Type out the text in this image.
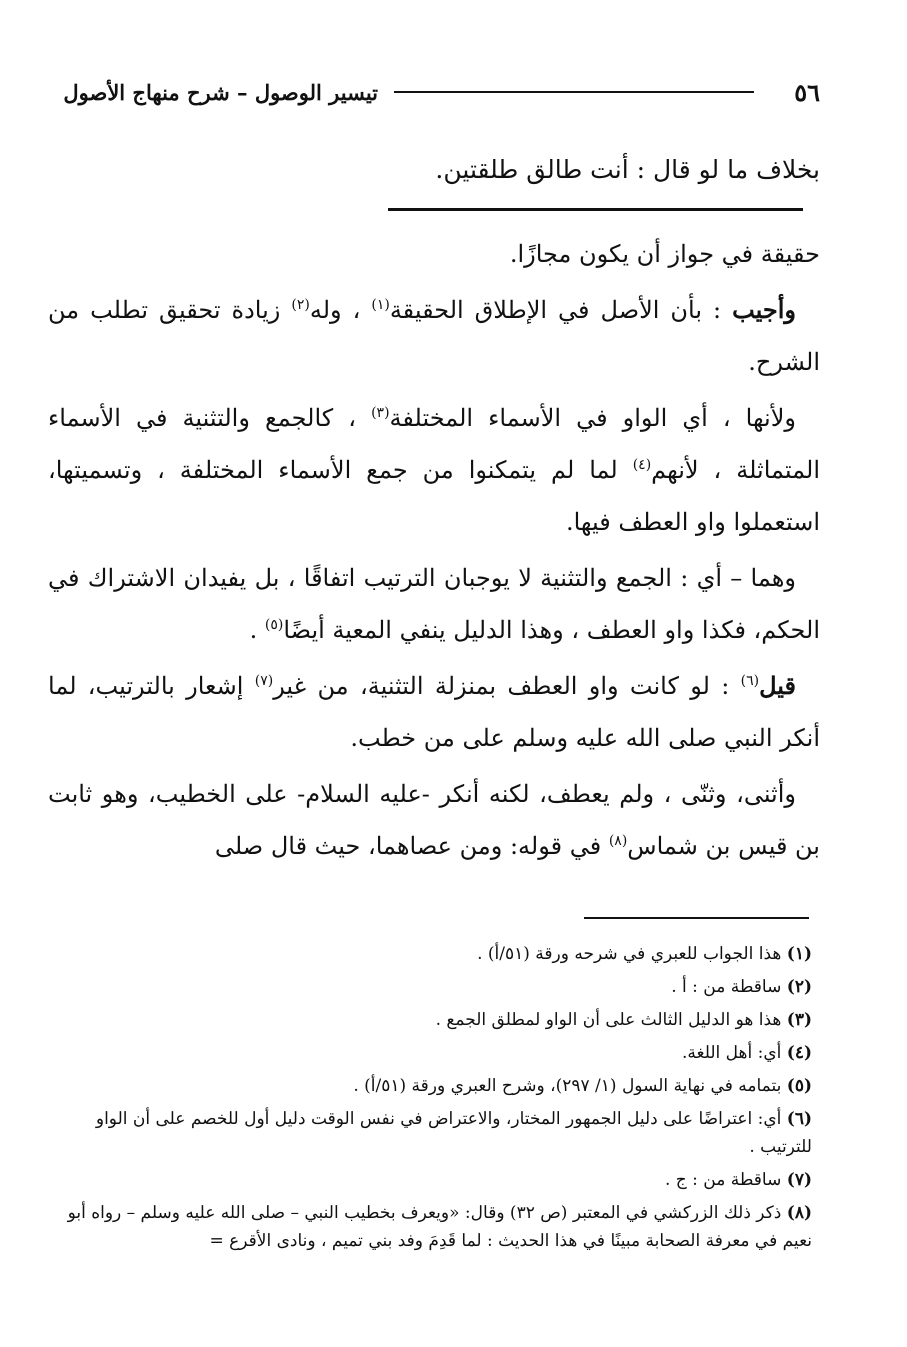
٥٦
تيسير الوصول – شرح منهاج الأصول
بخلاف ما لو قال : أنت طالق طلقتين.

حقيقة في جواز أن يكون مجازًا.

وأجيب : بأن الأصل في الإطلاق الحقيقة$^{(١)}$ ، وله$^{(٢)}$ زيادة تحقيق تطلب من الشرح.

ولأنها ، أي الواو في الأسماء المختلفة$^{(٣)}$ ، كالجمع والتثنية في الأسماء المتماثلة ، لأنهم$^{(٤)}$ لما لم يتمكنوا من جمع الأسماء المختلفة ، وتسميتها، استعملوا واو العطف فيها.

وهما – أي : الجمع والتثنية لا يوجبان الترتيب اتفاقًا ، بل يفيدان الاشتراك في الحكم، فكذا واو العطف ، وهذا الدليل ينفي المعية أيضًا$^{(٥)}$ .

قيل$^{(٦)}$ : لو كانت واو العطف بمنزلة التثنية، من غير$^{(٧)}$ إشعار بالترتيب، لما أنكر النبي صلى الله عليه وسلم على من خطب.

وأثنى، وثنّى ، ولم يعطف، لكنه أنكر -عليه السلام- على الخطيب، وهو ثابت بن قيس بن شماس$^{(٨)}$ في قوله: ومن عصاهما، حيث قال صلى

(١) هذا الجواب للعبري في شرحه ورقة (٥١/أ) .

(٢) ساقطة من : أ .

(٣) هذا هو الدليل الثالث على أن الواو لمطلق الجمع .

(٤) أي: أهل اللغة.

(٥) بتمامه في نهاية السول (١/ ٢٩٧)، وشرح العبري ورقة (٥١/أ) .

(٦) أي: اعتراضًا على دليل الجمهور المختار، والاعتراض في نفس الوقت دليل أول للخصم على أن الواو للترتيب .

(٧) ساقطة من : ج .

(٨) ذكر ذلك الزركشي في المعتبر (ص ٣٢) وقال: «ويعرف بخطيب النبي – صلى الله عليه وسلم – رواه أبو نعيم في معرفة الصحابة مبينًا في هذا الحديث : لما قَدِمَ وفد بني تميم ، ونادى الأقرع =
